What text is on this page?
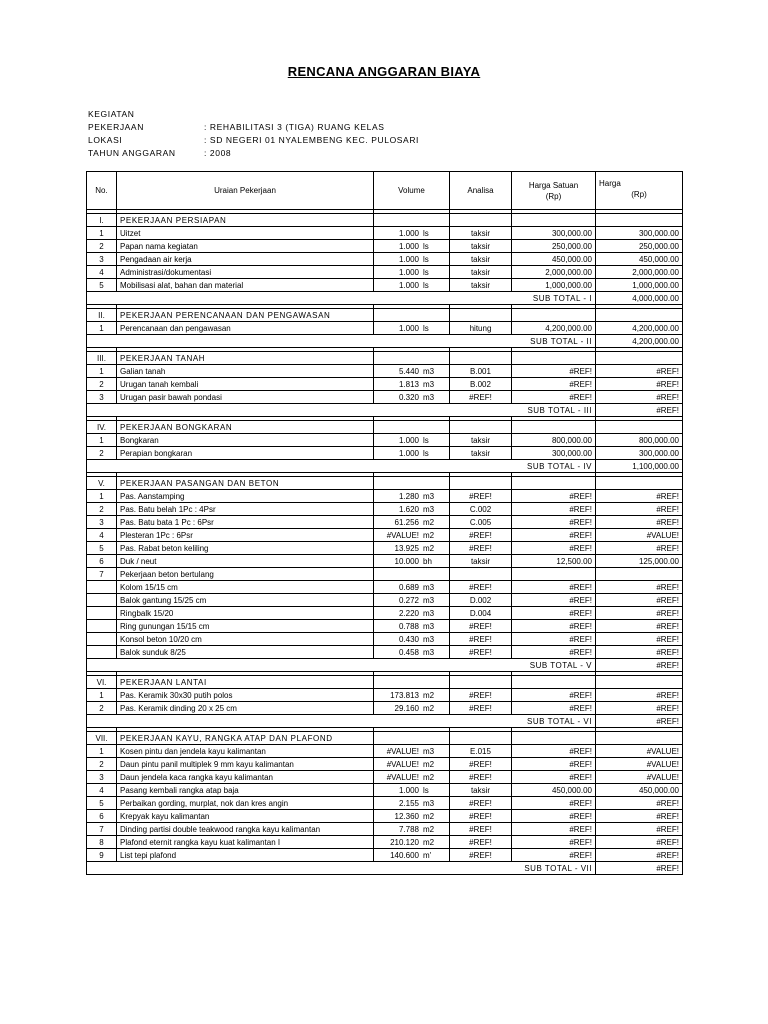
RENCANA ANGGARAN BIAYA
KEGIATAN
PEKERJAAN	: REHABILITASI 3 (TIGA) RUANG KELAS
LOKASI	: SD NEGERI 01 NYALEMBENG KEC. PULOSARI
TAHUN ANGGARAN	: 2008
No.	Uraian Pekerjaan	Volume	Analisa	Harga Satuan
(Rp)	Harga
(Rp)

I.	PEKERJAAN PERSIAPAN				
1	Uitzet	1.000 ls	taksir	300,000.00	300,000.00
2	Papan nama kegiatan	1.000 ls	taksir	250,000.00	250,000.00
3	Pengadaan air kerja	1.000 ls	taksir	450,000.00	450,000.00
4	Administrasi/dokumentasi	1.000 ls	taksir	2,000,000.00	2,000,000.00
5	Mobilisasi alat, bahan dan material	1.000 ls	taksir	1,000,000.00	1,000,000.00
				SUB TOTAL - I	4,000,000.00

II.	PEKERJAAN PERENCANAAN DAN PENGAWASAN				
1	Perencanaan dan pengawasan	1.000 ls	hitung	4,200,000.00	4,200,000.00
				SUB TOTAL - II	4,200,000.00

III.	PEKERJAAN TANAH				
1	Galian tanah	5.440 m3	B.001	#REF!	#REF!
2	Urugan tanah kembali	1.813 m3	B.002	#REF!	#REF!
3	Urugan pasir bawah pondasi	0.320 m3	#REF!	#REF!	#REF!
				SUB TOTAL - III	#REF!

IV.	PEKERJAAN BONGKARAN				
1	Bongkaran	1.000 ls	taksir	800,000.00	800,000.00
2	Perapian bongkaran	1.000 ls	taksir	300,000.00	300,000.00
				SUB TOTAL - IV	1,100,000.00

V.	PEKERJAAN PASANGAN DAN BETON				
1	Pas. Aanstamping	1.280 m3	#REF!	#REF!	#REF!
2	Pas. Batu belah 1Pc : 4Psr	1.620 m3	C.002	#REF!	#REF!
3	Pas. Batu bata 1 Pc : 6Psr	61.256 m2	C.005	#REF!	#REF!
4	Plesteran 1Pc : 6Psr	#VALUE! m2	#REF!	#REF!	#VALUE!
5	Pas. Rabat beton keliling	13.925 m2	#REF!	#REF!	#REF!
6	Duk / neut	10.000 bh	taksir	12,500.00	125,000.00
7	Pekerjaan beton bertulang				
	Kolom 15/15 cm	0.689 m3	#REF!	#REF!	#REF!
	Balok gantung 15/25 cm	0.272 m3	D.002	#REF!	#REF!
	Ringbalk 15/20	2.220 m3	D.004	#REF!	#REF!
	Ring gunungan 15/15 cm	0.788 m3	#REF!	#REF!	#REF!
	Konsol beton 10/20 cm	0.430 m3	#REF!	#REF!	#REF!
	Balok sunduk 8/25	0.458 m3	#REF!	#REF!	#REF!
				SUB TOTAL - V	#REF!

VI.	PEKERJAAN LANTAI				
1	Pas. Keramik 30x30 putih polos	173.813 m2	#REF!	#REF!	#REF!
2	Pas. Keramik dinding 20 x 25 cm	29.160 m2	#REF!	#REF!	#REF!
				SUB TOTAL - VI	#REF!

VII.	PEKERJAAN KAYU, RANGKA ATAP DAN PLAFOND				
1	Kosen pintu dan jendela kayu kalimantan	#VALUE! m3	E.015	#REF!	#VALUE!
2	Daun pintu panil multiplek 9 mm kayu kalimantan	#VALUE! m2	#REF!	#REF!	#VALUE!
3	Daun jendela kaca rangka kayu kalimantan	#VALUE! m2	#REF!	#REF!	#VALUE!
4	Pasang kembali rangka atap baja	1.000 ls	taksir	450,000.00	450,000.00
5	Perbaikan gording, murplat, nok dan kres angin	2.155 m3	#REF!	#REF!	#REF!
6	Krepyak kayu kalimantan	12.360 m2	#REF!	#REF!	#REF!
7	Dinding partisi double teakwood rangka kayu kalimantan	7.788 m2	#REF!	#REF!	#REF!
8	Plafond eternit rangka kayu kuat kalimantan I	210.120 m2	#REF!	#REF!	#REF!
9	List tepi plafond	140.600 m'	#REF!	#REF!	#REF!
				SUB TOTAL - VII	#REF!
